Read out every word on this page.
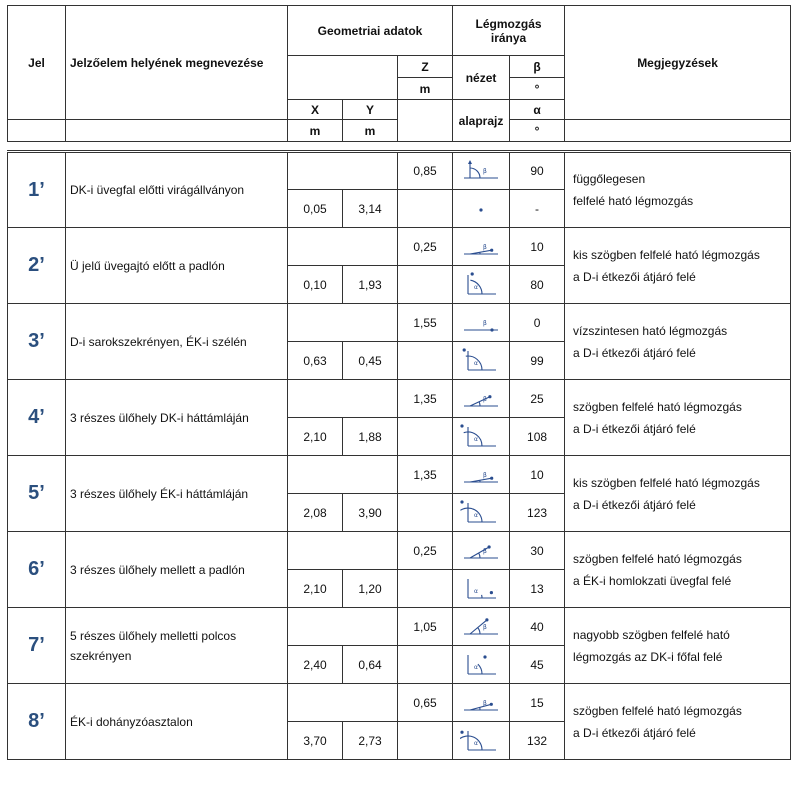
Jel	Jelzőelem helyének megnevezése	Geometriai adatok			Légmozgás iránya		Megjegyzések
				Z	nézet	β	
				m		°	
		X	Y		alaprajz	α	
		m	m			°	

1’	DK-i üvegfal előtti virágállványon			0,85	β	90	függőlegesen
felfelé ható légmozgás

		0,05	3,14			-	
2’	Ü jelű üvegajtó előtt a padlón			0,25	β	10	kis szögben felfelé ható légmozgás
a D-i étkezői átjáró felé

		0,10	1,93		α	80	
3’	D-i sarokszekrényen, ÉK-i szélén			1,55	β	0	vízszintesen ható légmozgás
a D-i étkezői átjáró felé

		0,63	0,45		α	99	
4’	3 részes ülőhely DK-i háttámláján			1,35	β	25	szögben felfelé ható légmozgás
a D-i étkezői átjáró felé

		2,10	1,88		α	108	
5’	3 részes ülőhely ÉK-i háttámláján			1,35	β	10	kis szögben felfelé ható légmozgás
a D-i étkezői átjáró felé

		2,08	3,90		α	123	
6’	3 részes ülőhely mellett a padlón			0,25	β	30	szögben felfelé ható légmozgás
a ÉK-i homlokzati üvegfal felé

		2,10	1,20		α	13	
7’	5 részes ülőhely melletti polcos szekrényen			1,05	β	40	nagyobb szögben felfelé ható
légmozgás az DK-i főfal felé

		2,40	0,64		α	45	
8’	ÉK-i dohányzóasztalon			0,65	β	15	szögben felfelé ható légmozgás
a D-i étkezői átjáró felé

		3,70	2,73		α	132	
